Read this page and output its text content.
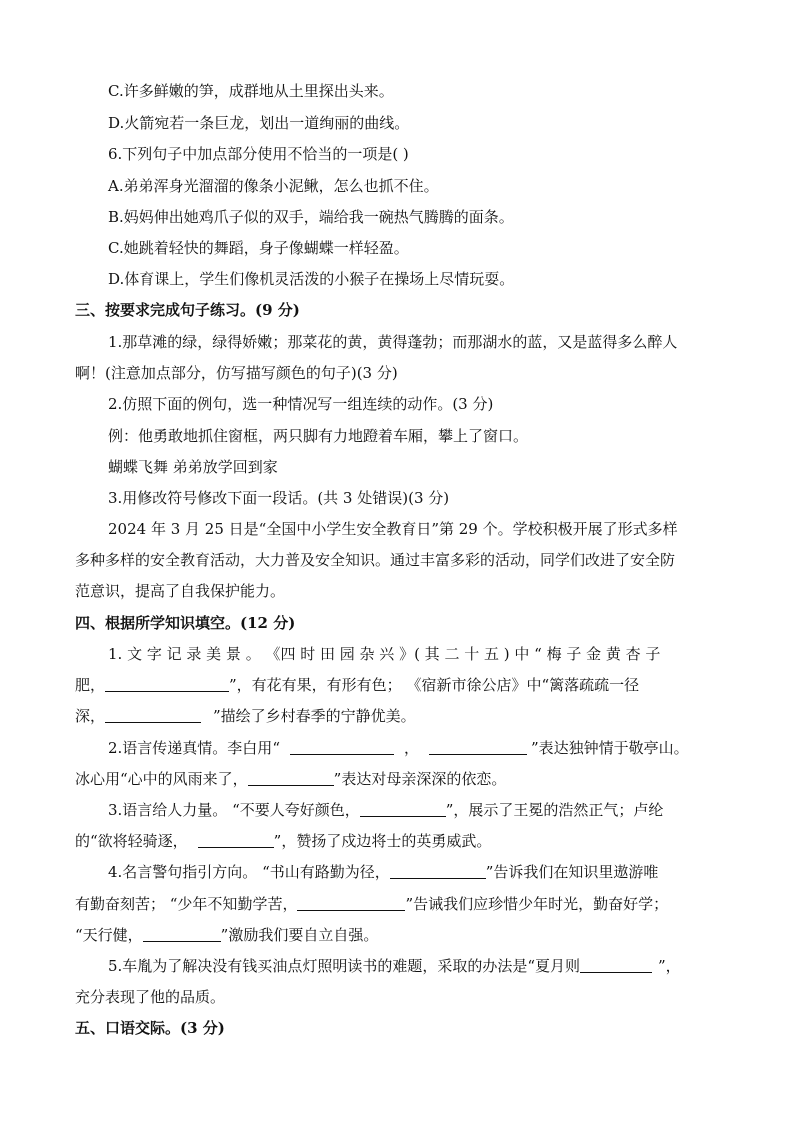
C.许多鲜嫩的笋，成群地从土里探出头来。
D.火箭宛若一条巨龙，划出一道绚丽的曲线。
6.下列句子中加点部分使用不恰当的一项是( )
A.弟弟浑身光溜溜的像条小泥鳅，怎么也抓不住。
B.妈妈伸出她鸡爪子似的双手，端给我一碗热气腾腾的面条。
C.她跳着轻快的舞蹈，身子像蝴蝶一样轻盈。
D.体育课上，学生们像机灵活泼的小猴子在操场上尽情玩耍。
三、按要求完成句子练习。(9 分)
1.那草滩的绿，绿得娇嫩；那菜花的黄，黄得蓬勃；而那湖水的蓝，又是蓝得多么醉人
啊！(注意加点部分，仿写描写颜色的句子)(3 分)
2.仿照下面的例句，选一种情况写一组连续的动作。(3 分)
例：他勇敢地抓住窗框，两只脚有力地蹬着车厢，攀上了窗口。
蝴蝶飞舞 弟弟放学回到家
3.用修改符号修改下面一段话。(共 3 处错误)(3 分)
2024 年 3 月 25 日是“全国中小学生安全教育日”第 29 个。学校积极开展了形式多样
多种多样的安全教育活动，大力普及安全知识。通过丰富多彩的活动，同学们改进了安全防
范意识，提高了自我保护能力。
四、根据所学知识填空。(12 分)
1. 文 字 记 录 美 景 。 《四 时 田 园 杂 兴 》( 其 二 十 五 ) 中 “ 梅 子 金 黄 杏 子
肥，	”，有花有果，有形有色； 《宿新市徐公店》中“篱落疏疏一径
深，	”描绘了乡村春季的宁静优美。
2.语言传递真情。李白用“	，	”表达独钟情于敬亭山。
冰心用“心中的风雨来了，	”表达对母亲深深的依恋。
3.语言给人力量。 “不要人夸好颜色，	”，展示了王冕的浩然正气；卢纶
的“欲将轻骑逐，	”，赞扬了戍边将士的英勇威武。
4.名言警句指引方向。 “书山有路勤为径，	”告诉我们在知识里遨游唯
有勤奋刻苦； “少年不知勤学苦，	”告诫我们应珍惜少年时光，勤奋好学；
“天行健，	”激励我们要自立自强。
5.车胤为了解决没有钱买油点灯照明读书的难题，采取的办法是“夏月则	”，
充分表现了他的品质。
五、口语交际。(3 分)
